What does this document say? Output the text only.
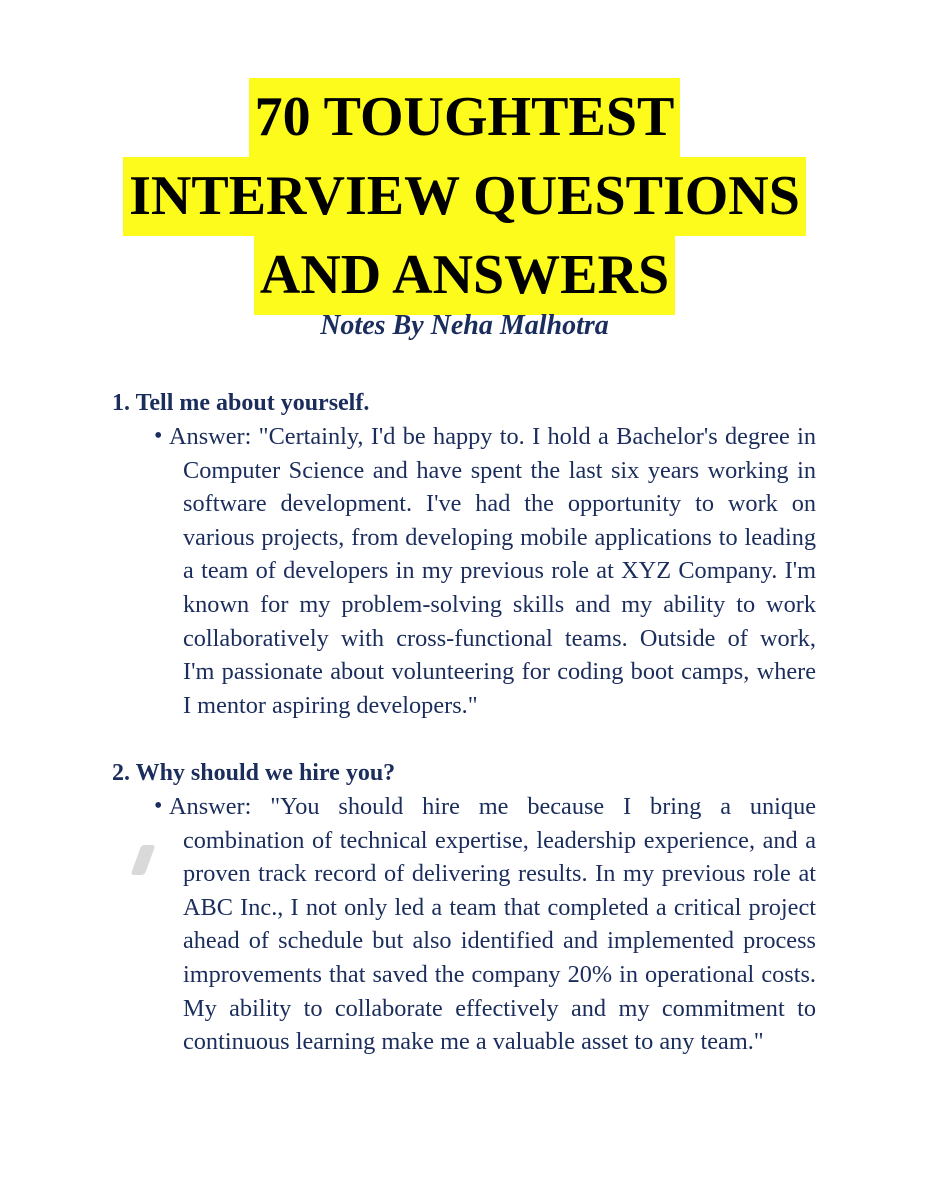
70 TOUGHTEST
INTERVIEW QUESTIONS
AND ANSWERS
Notes By Neha Malhotra

1. Tell me about yourself.

• Answer: "Certainly, I'd be happy to. I hold a Bachelor's degree in Computer Science and have spent the last six years working in software development. I've had the opportunity to work on various projects, from developing mobile applications to leading a team of developers in my previous role at XYZ Company. I'm known for my problem-solving skills and my ability to work collaboratively with cross-functional teams. Outside of work, I'm passionate about volunteering for coding boot camps, where I mentor aspiring developers."

2. Why should we hire you?

• Answer: "You should hire me because I bring a unique combination of technical expertise, leadership experience, and a proven track record of delivering results. In my previous role at ABC Inc., I not only led a team that completed a critical project ahead of schedule but also identified and implemented process improvements that saved the company 20% in operational costs. My ability to collaborate effectively and my commitment to continuous learning make me a valuable asset to any team."
